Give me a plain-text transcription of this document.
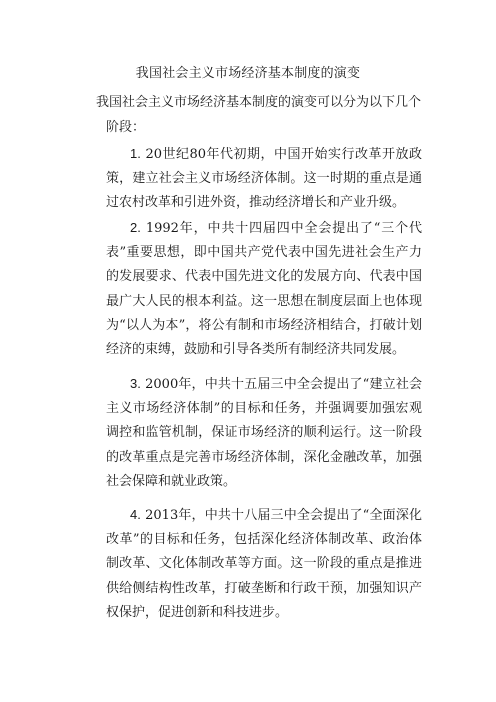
我国社会主义市场经济基本制度的演变
我国社会主义市场经济基本制度的演变可以分为以下几个阶段：
1. 20世纪80年代初期，中国开始实行改革开放政策，建立社会主义市场经济体制。这一时期的重点是通过农村改革和引进外资，推动经济增长和产业升级。
2. 1992年，中共十四届四中全会提出了“三个代表”重要思想，即中国共产党代表中国先进社会生产力的发展要求、代表中国先进文化的发展方向、代表中国最广大人民的根本利益。这一思想在制度层面上也体现为“以人为本”，将公有制和市场经济相结合，打破计划经济的束缚，鼓励和引导各类所有制经济共同发展。
3. 2000年，中共十五届三中全会提出了“建立社会主义市场经济体制”的目标和任务，并强调要加强宏观调控和监管机制，保证市场经济的顺利运行。这一阶段的改革重点是完善市场经济体制，深化金融改革，加强社会保障和就业政策。
4. 2013年，中共十八届三中全会提出了“全面深化改革”的目标和任务，包括深化经济体制改革、政治体制改革、文化体制改革等方面。这一阶段的重点是推进供给侧结构性改革，打破垄断和行政干预，加强知识产权保护，促进创新和科技进步。
